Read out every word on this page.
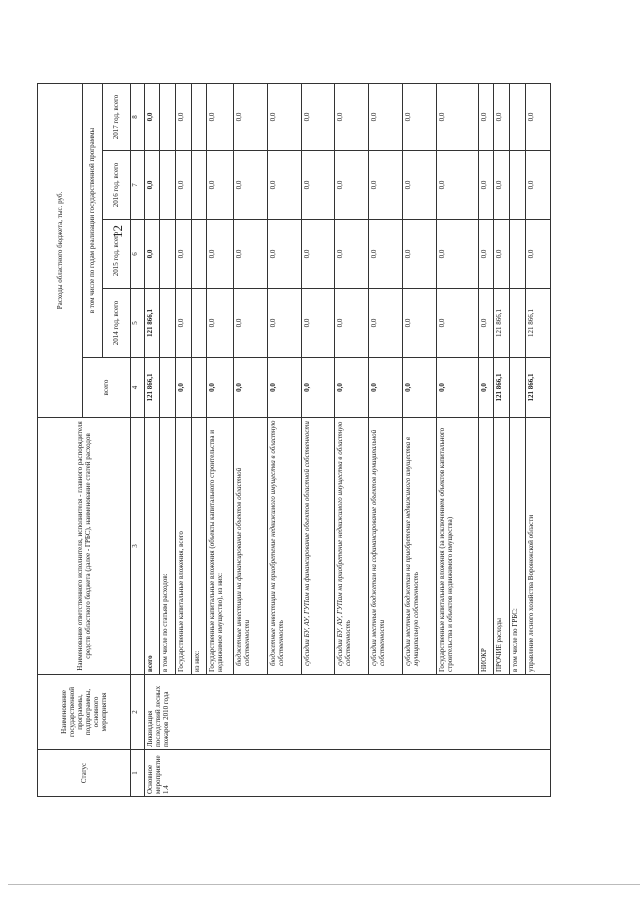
12
Статус	Наименование государственной программы, подпрограммы, основного мероприятия	Наименование ответственного исполнителя, исполнителя - главного распорядителя средств областного бюджета (далее - ГРБС), наименование статей расходов	Расходы областного бюджета, тыс. руб.				
			всего	в том числе по годам реализации государственной программы			
				2014 год, всего	2015 год, всего	2016 год, всего	2017 год, всего
1	2	3	4	5	6	7	8
Основное мероприятие 1.4	Ликвидация последствий лесных пожаров 2010 года	всего	121 866,1	121 866,1	0,0	0,0	0,0
		в том числе по статьям расходов:					
		Государственные капитальные вложения, всего	0,0	0,0	0,0	0,0	0,0
		из них:					
		Государственные капитальные вложения (объекты капитального строительства и недвижимое имущество), из них:	0,0	0,0	0,0	0,0	0,0
		бюджетные инвестиции на финансирование объектов областной собственности	0,0	0,0	0,0	0,0	0,0
		бюджетные инвестиции на приобретение недвижимого имущества в областную собственность	0,0	0,0	0,0	0,0	0,0
		субсидии БУ, АУ, ГУПам на финансирование объектов областной собственности	0,0	0,0	0,0	0,0	0,0
		субсидии БУ, АУ, ГУПам на приобретение недвижимого имущества в областную собственность	0,0	0,0	0,0	0,0	0,0
		субсидии местным бюджетам на софинансирование объектов муниципальной собственности	0,0	0,0	0,0	0,0	0,0
		субсидии местным бюджетам на приобретение недвижимого имущества в муниципальную собственность	0,0	0,0	0,0	0,0	0,0
		Государственные капитальные вложения (за исключением объектов капитального строительства и объектов недвижимого имущества)	0,0	0,0	0,0	0,0	0,0
		НИОКР	0,0	0,0	0,0	0,0	0,0
		ПРОЧИЕ расходы	121 866,1	121 866,1	0,0	0,0	0,0
		в том числе по ГРБС:					
		управление лесного хозяйства Воронежской области	121 866,1	121 866,1	0,0	0,0	0,0
